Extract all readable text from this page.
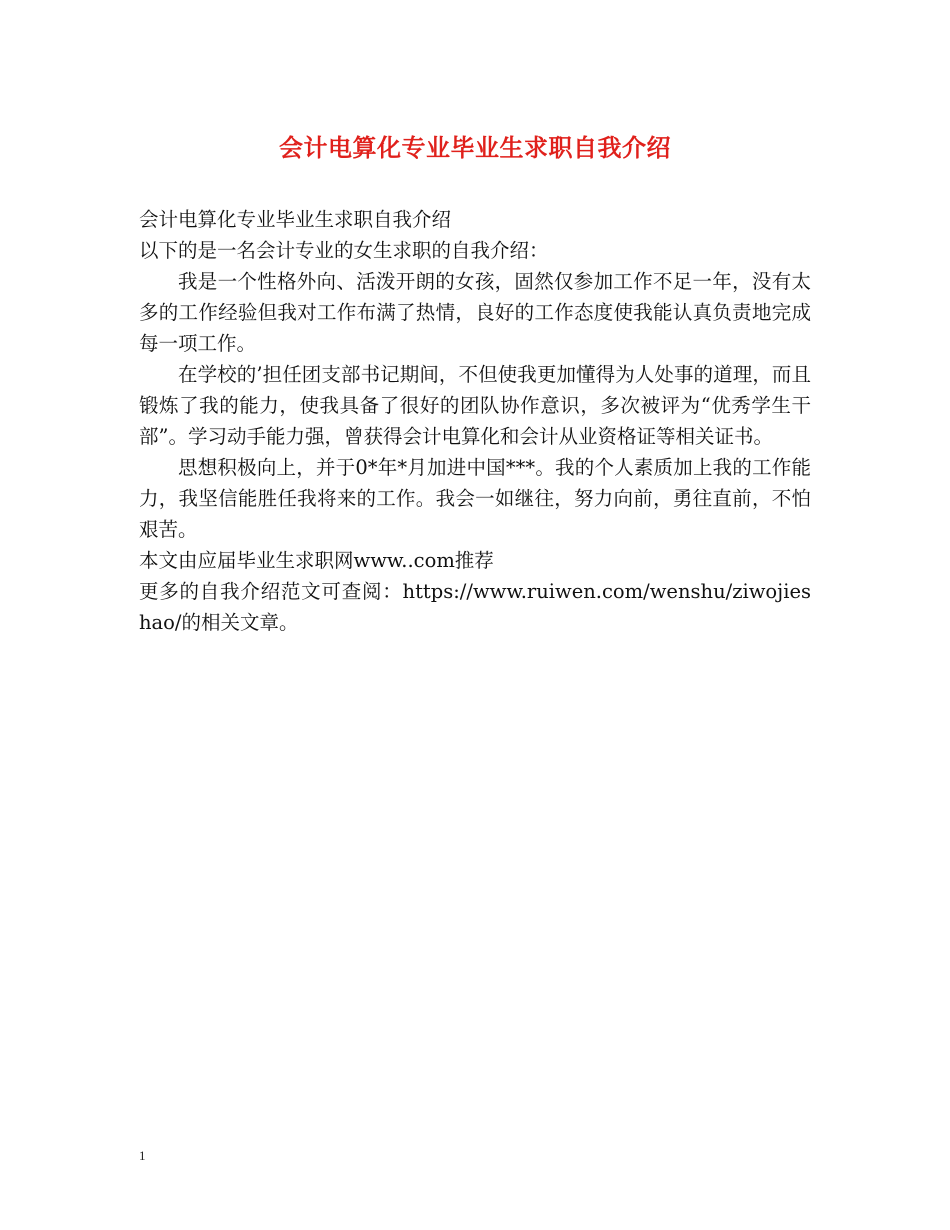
会计电算化专业毕业生求职自我介绍

会计电算化专业毕业生求职自我介绍

以下的是一名会计专业的女生求职的自我介绍：

我是一个性格外向、活泼开朗的女孩，固然仅参加工作不足一年，没有太多的工作经验但我对工作布满了热情，良好的工作态度使我能认真负责地完成每一项工作。

在学校的’担任团支部书记期间，不但使我更加懂得为人处事的道理，而且锻炼了我的能力，使我具备了很好的团队协作意识，多次被评为“优秀学生干部”。学习动手能力强，曾获得会计电算化和会计从业资格证等相关证书。

思想积极向上，并于0*年*月加进中国***。我的个人素质加上我的工作能力，我坚信能胜任我将来的工作。我会一如继往，努力向前，勇往直前，不怕艰苦。

本文由应届毕业生求职网www..com推荐

更多的自我介绍范文可查阅：https://www.ruiwen.com/wenshu/ziwojieshao/的相关文章。

1
